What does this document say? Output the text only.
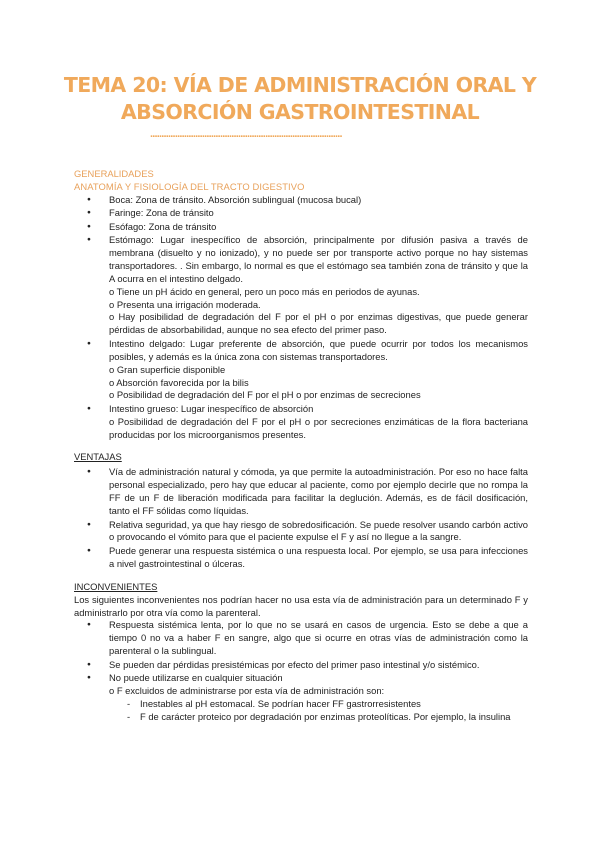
TEMA 20: VÍA DE ADMINISTRACIÓN ORAL Y
ABSORCIÓN GASTROINTESTINAL
.....................................................................................
GENERALIDADES
ANATOMÍA Y FISIOLOGÍA DEL TRACTO DIGESTIVO
● Boca: Zona de tránsito. Absorción sublingual (mucosa bucal)
● Faringe: Zona de tránsito
● Esófago: Zona de tránsito
● Estómago: Lugar inespecífico de absorción, principalmente por difusión pasiva a través de membrana (disuelto y no ionizado), y no puede ser por transporte activo porque no hay sistemas transportadores. . Sin embargo, lo normal es que el estómago sea también zona de tránsito y que la A ocurra en el intestino delgado.
o Tiene un pH ácido en general, pero un poco más en periodos de ayunas.
o Presenta una irrigación moderada.
o Hay posibilidad de degradación del F por el pH o por enzimas digestivas, que puede generar pérdidas de absorbabilidad, aunque no sea efecto del primer paso.
● Intestino delgado: Lugar preferente de absorción, que puede ocurrir por todos los mecanismos posibles, y además es la única zona con sistemas transportadores.
o Gran superficie disponible
o Absorción favorecida por la bilis
o Posibilidad de degradación del F por el pH o por enzimas de secreciones
● Intestino grueso: Lugar inespecífico de absorción
o Posibilidad de degradación del F por el pH o por secreciones enzimáticas de la flora bacteriana producidas por los microorganismos presentes.
VENTAJAS
● Vía de administración natural y cómoda, ya que permite la autoadministración. Por eso no hace falta personal especializado, pero hay que educar al paciente, como por ejemplo decirle que no rompa la FF de un F de liberación modificada para facilitar la deglución. Además, es de fácil dosificación, tanto el FF sólidas como líquidas.
● Relativa seguridad, ya que hay riesgo de sobredosificación. Se puede resolver usando carbón activo o provocando el vómito para que el paciente expulse el F y así no llegue a la sangre.
● Puede generar una respuesta sistémica o una respuesta local. Por ejemplo, se usa para infecciones a nivel gastrointestinal o úlceras.
INCONVENIENTES
Los siguientes inconvenientes nos podrían hacer no usa esta vía de administración para un determinado F y administrarlo por otra vía como la parenteral.
● Respuesta sistémica lenta, por lo que no se usará en casos de urgencia. Esto se debe a que a tiempo 0 no va a haber F en sangre, algo que si ocurre en otras vías de administración como la parenteral o la sublingual.
● Se pueden dar pérdidas presistémicas por efecto del primer paso intestinal y/o sistémico.
● No puede utilizarse en cualquier situación
o F excluidos de administrarse por esta vía de administración son:
- Inestables al pH estomacal. Se podrían hacer FF gastrorresistentes
- F de carácter proteico por degradación por enzimas proteolíticas. Por ejemplo, la insulina
